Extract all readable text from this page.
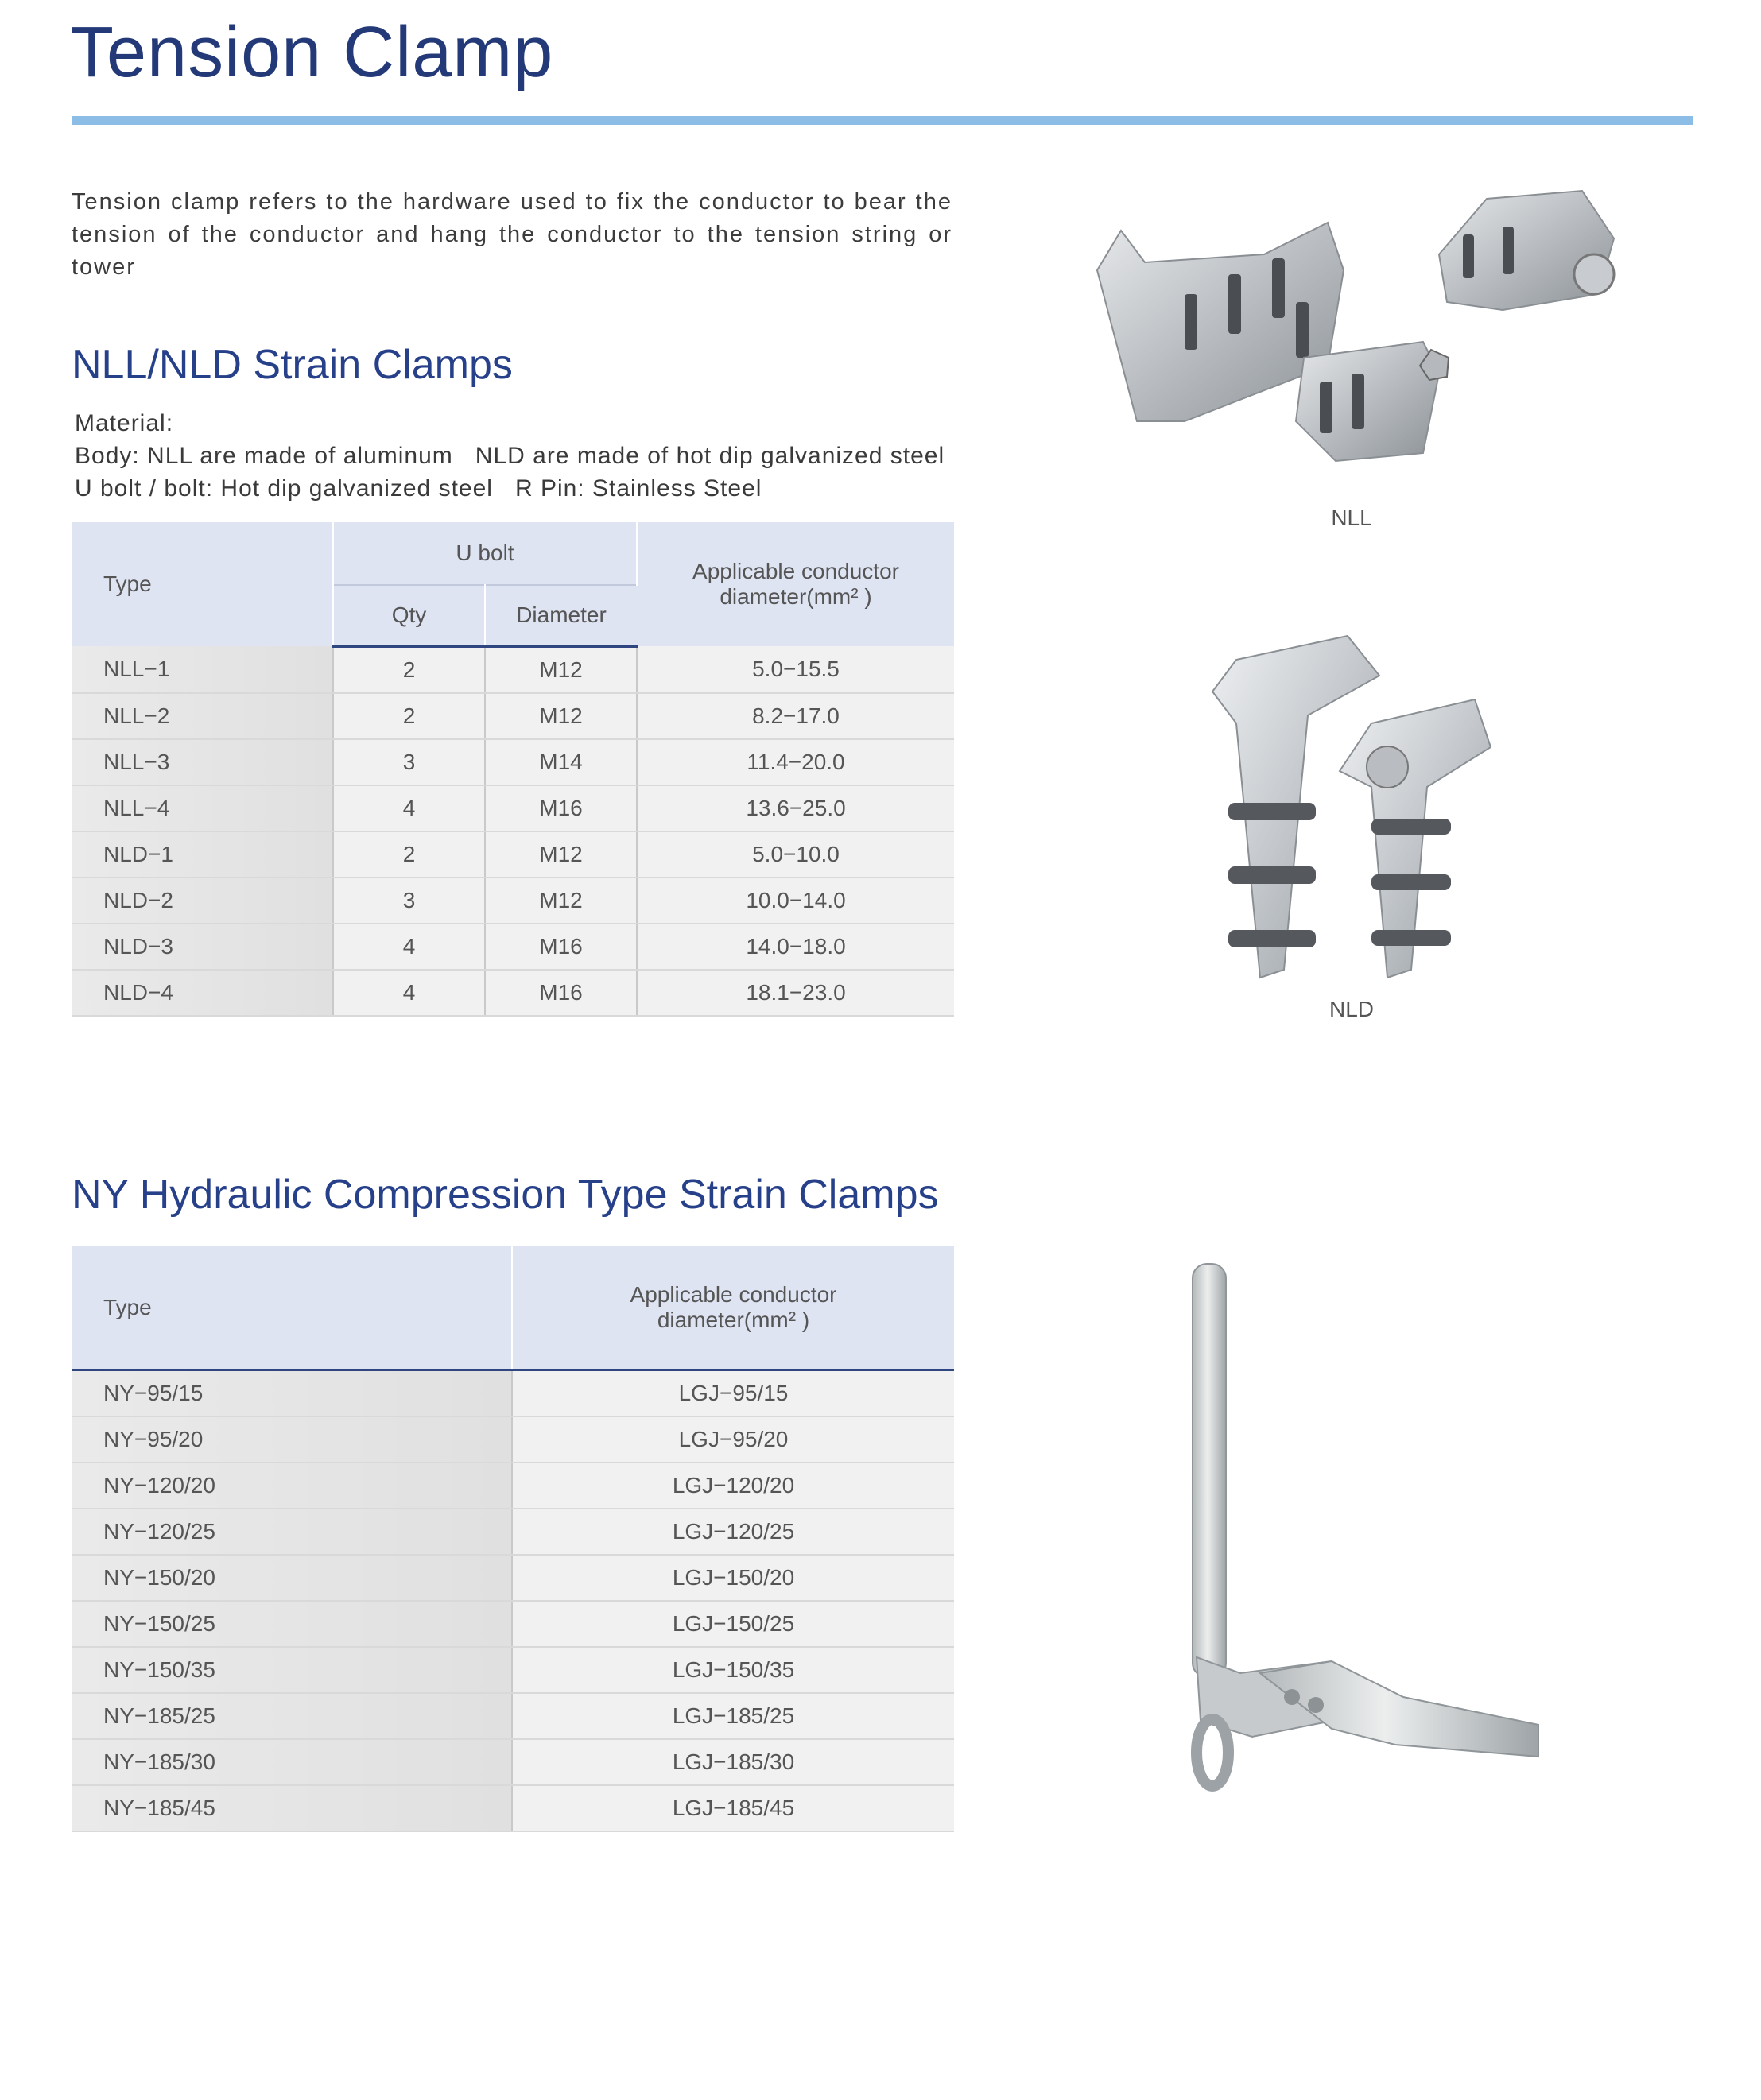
Tension Clamp
Tension clamp refers to the hardware used to fix the conductor to bear the tension of the conductor and hang the conductor to the tension string or tower
NLL/NLD Strain Clamps
Material:
Body: NLL are made of aluminum   NLD are made of hot dip galvanized steel
U bolt / bolt: Hot dip galvanized steel   R Pin: Stainless Steel
Type	U bolt		Applicable conductor
diameter(mm² )

	Qty	Diameter	
NLL−1	2	M12	5.0−15.5
NLL−2	2	M12	8.2−17.0
NLL−3	3	M14	11.4−20.0
NLL−4	4	M16	13.6−25.0
NLD−1	2	M12	5.0−10.0
NLD−2	3	M12	10.0−14.0
NLD−3	4	M16	14.0−18.0
NLD−4	4	M16	18.1−23.0
NLL
NLD
NY Hydraulic Compression Type Strain Clamps
Type	Applicable conductor
diameter(mm² )

NY−95/15	LGJ−95/15
NY−95/20	LGJ−95/20
NY−120/20	LGJ−120/20
NY−120/25	LGJ−120/25
NY−150/20	LGJ−150/20
NY−150/25	LGJ−150/25
NY−150/35	LGJ−150/35
NY−185/25	LGJ−185/25
NY−185/30	LGJ−185/30
NY−185/45	LGJ−185/45
